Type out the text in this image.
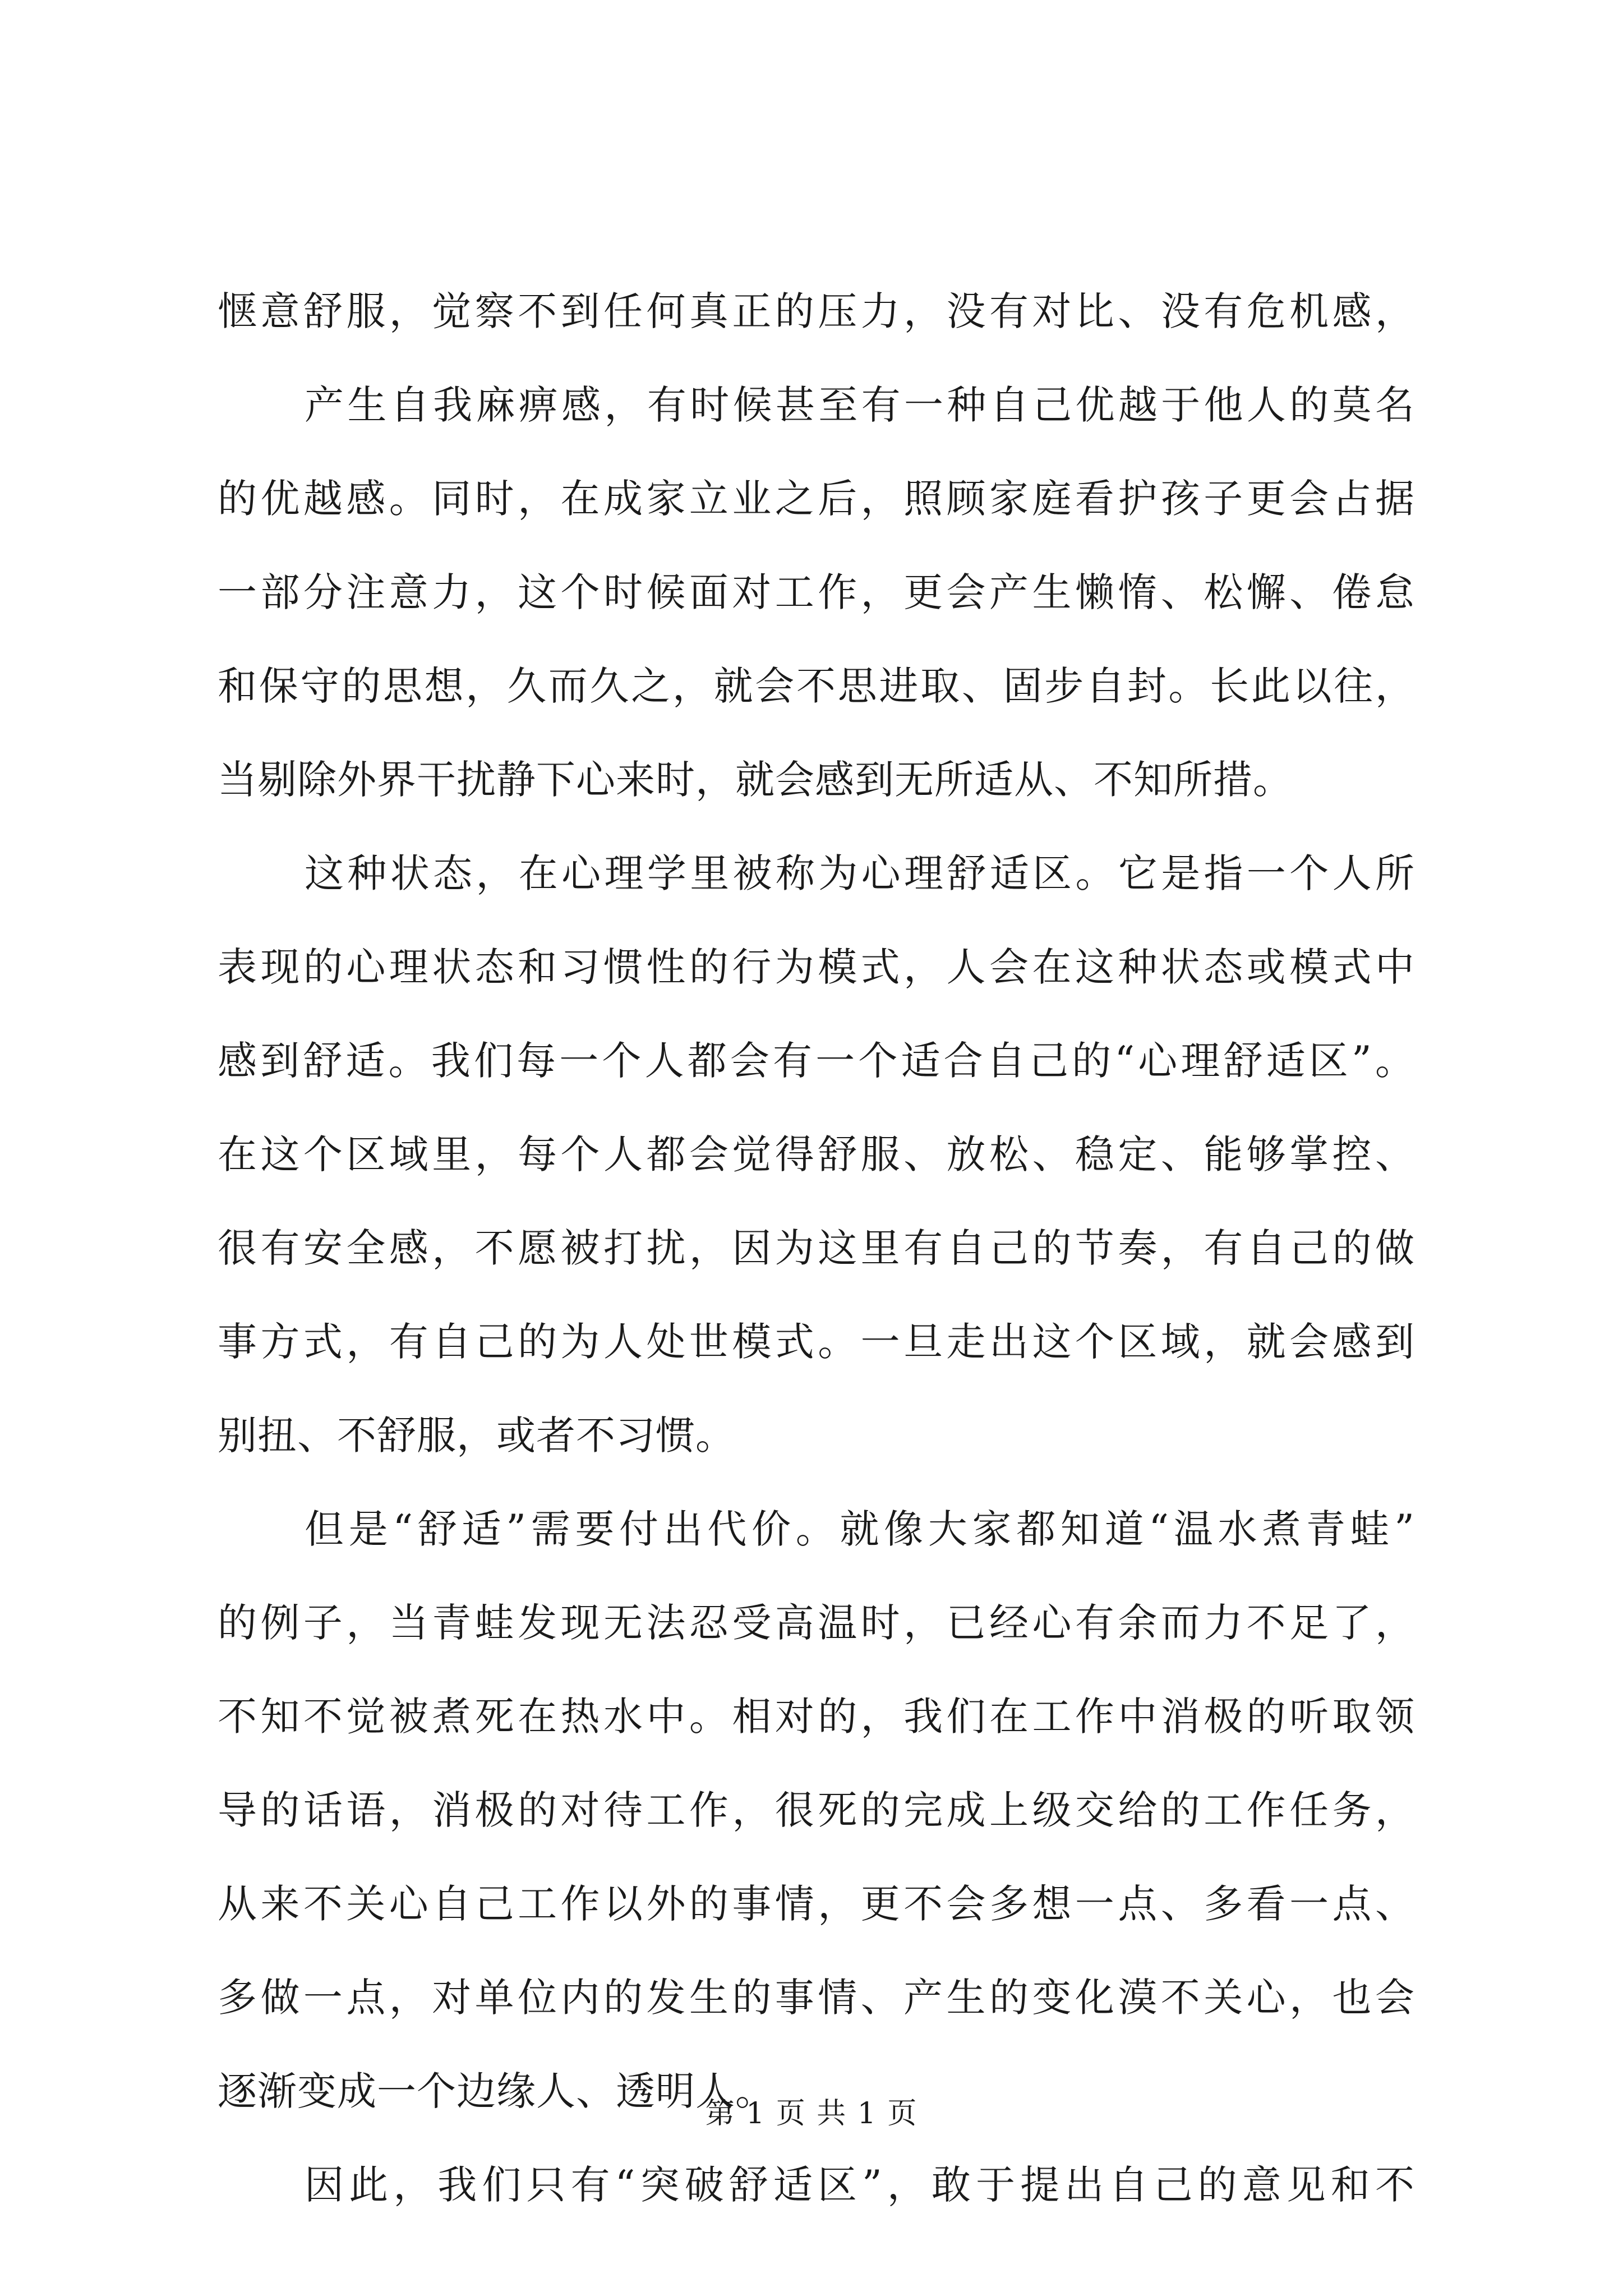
惬意舒服，觉察不到任何真正的压力，没有对比、没有危机感，
产生自我麻痹感，有时候甚至有一种自己优越于他人的莫名
的优越感。同时，在成家立业之后，照顾家庭看护孩子更会占据
一部分注意力，这个时候面对工作，更会产生懒惰、松懈、倦怠
和保守的思想，久而久之，就会不思进取、固步自封。长此以往，
当剔除外界干扰静下心来时，就会感到无所适从、不知所措。
这种状态，在心理学里被称为心理舒适区。它是指一个人所
表现的心理状态和习惯性的行为模式，人会在这种状态或模式中
感到舒适。我们每一个人都会有一个适合自己的“心理舒适区”。
在这个区域里，每个人都会觉得舒服、放松、稳定、能够掌控、
很有安全感，不愿被打扰，因为这里有自己的节奏，有自己的做
事方式，有自己的为人处世模式。一旦走出这个区域，就会感到
别扭、不舒服，或者不习惯。
但是“舒适”需要付出代价。就像大家都知道“温水煮青蛙”
的例子，当青蛙发现无法忍受高温时，已经心有余而力不足了，
不知不觉被煮死在热水中。相对的，我们在工作中消极的听取领
导的话语，消极的对待工作，很死的完成上级交给的工作任务，
从来不关心自己工作以外的事情，更不会多想一点、多看一点、
多做一点，对单位内的发生的事情、产生的变化漠不关心，也会
逐渐变成一个边缘人、透明人。
因此，我们只有“突破舒适区”，敢于提出自己的意见和不
第 1 页 共 1 页
